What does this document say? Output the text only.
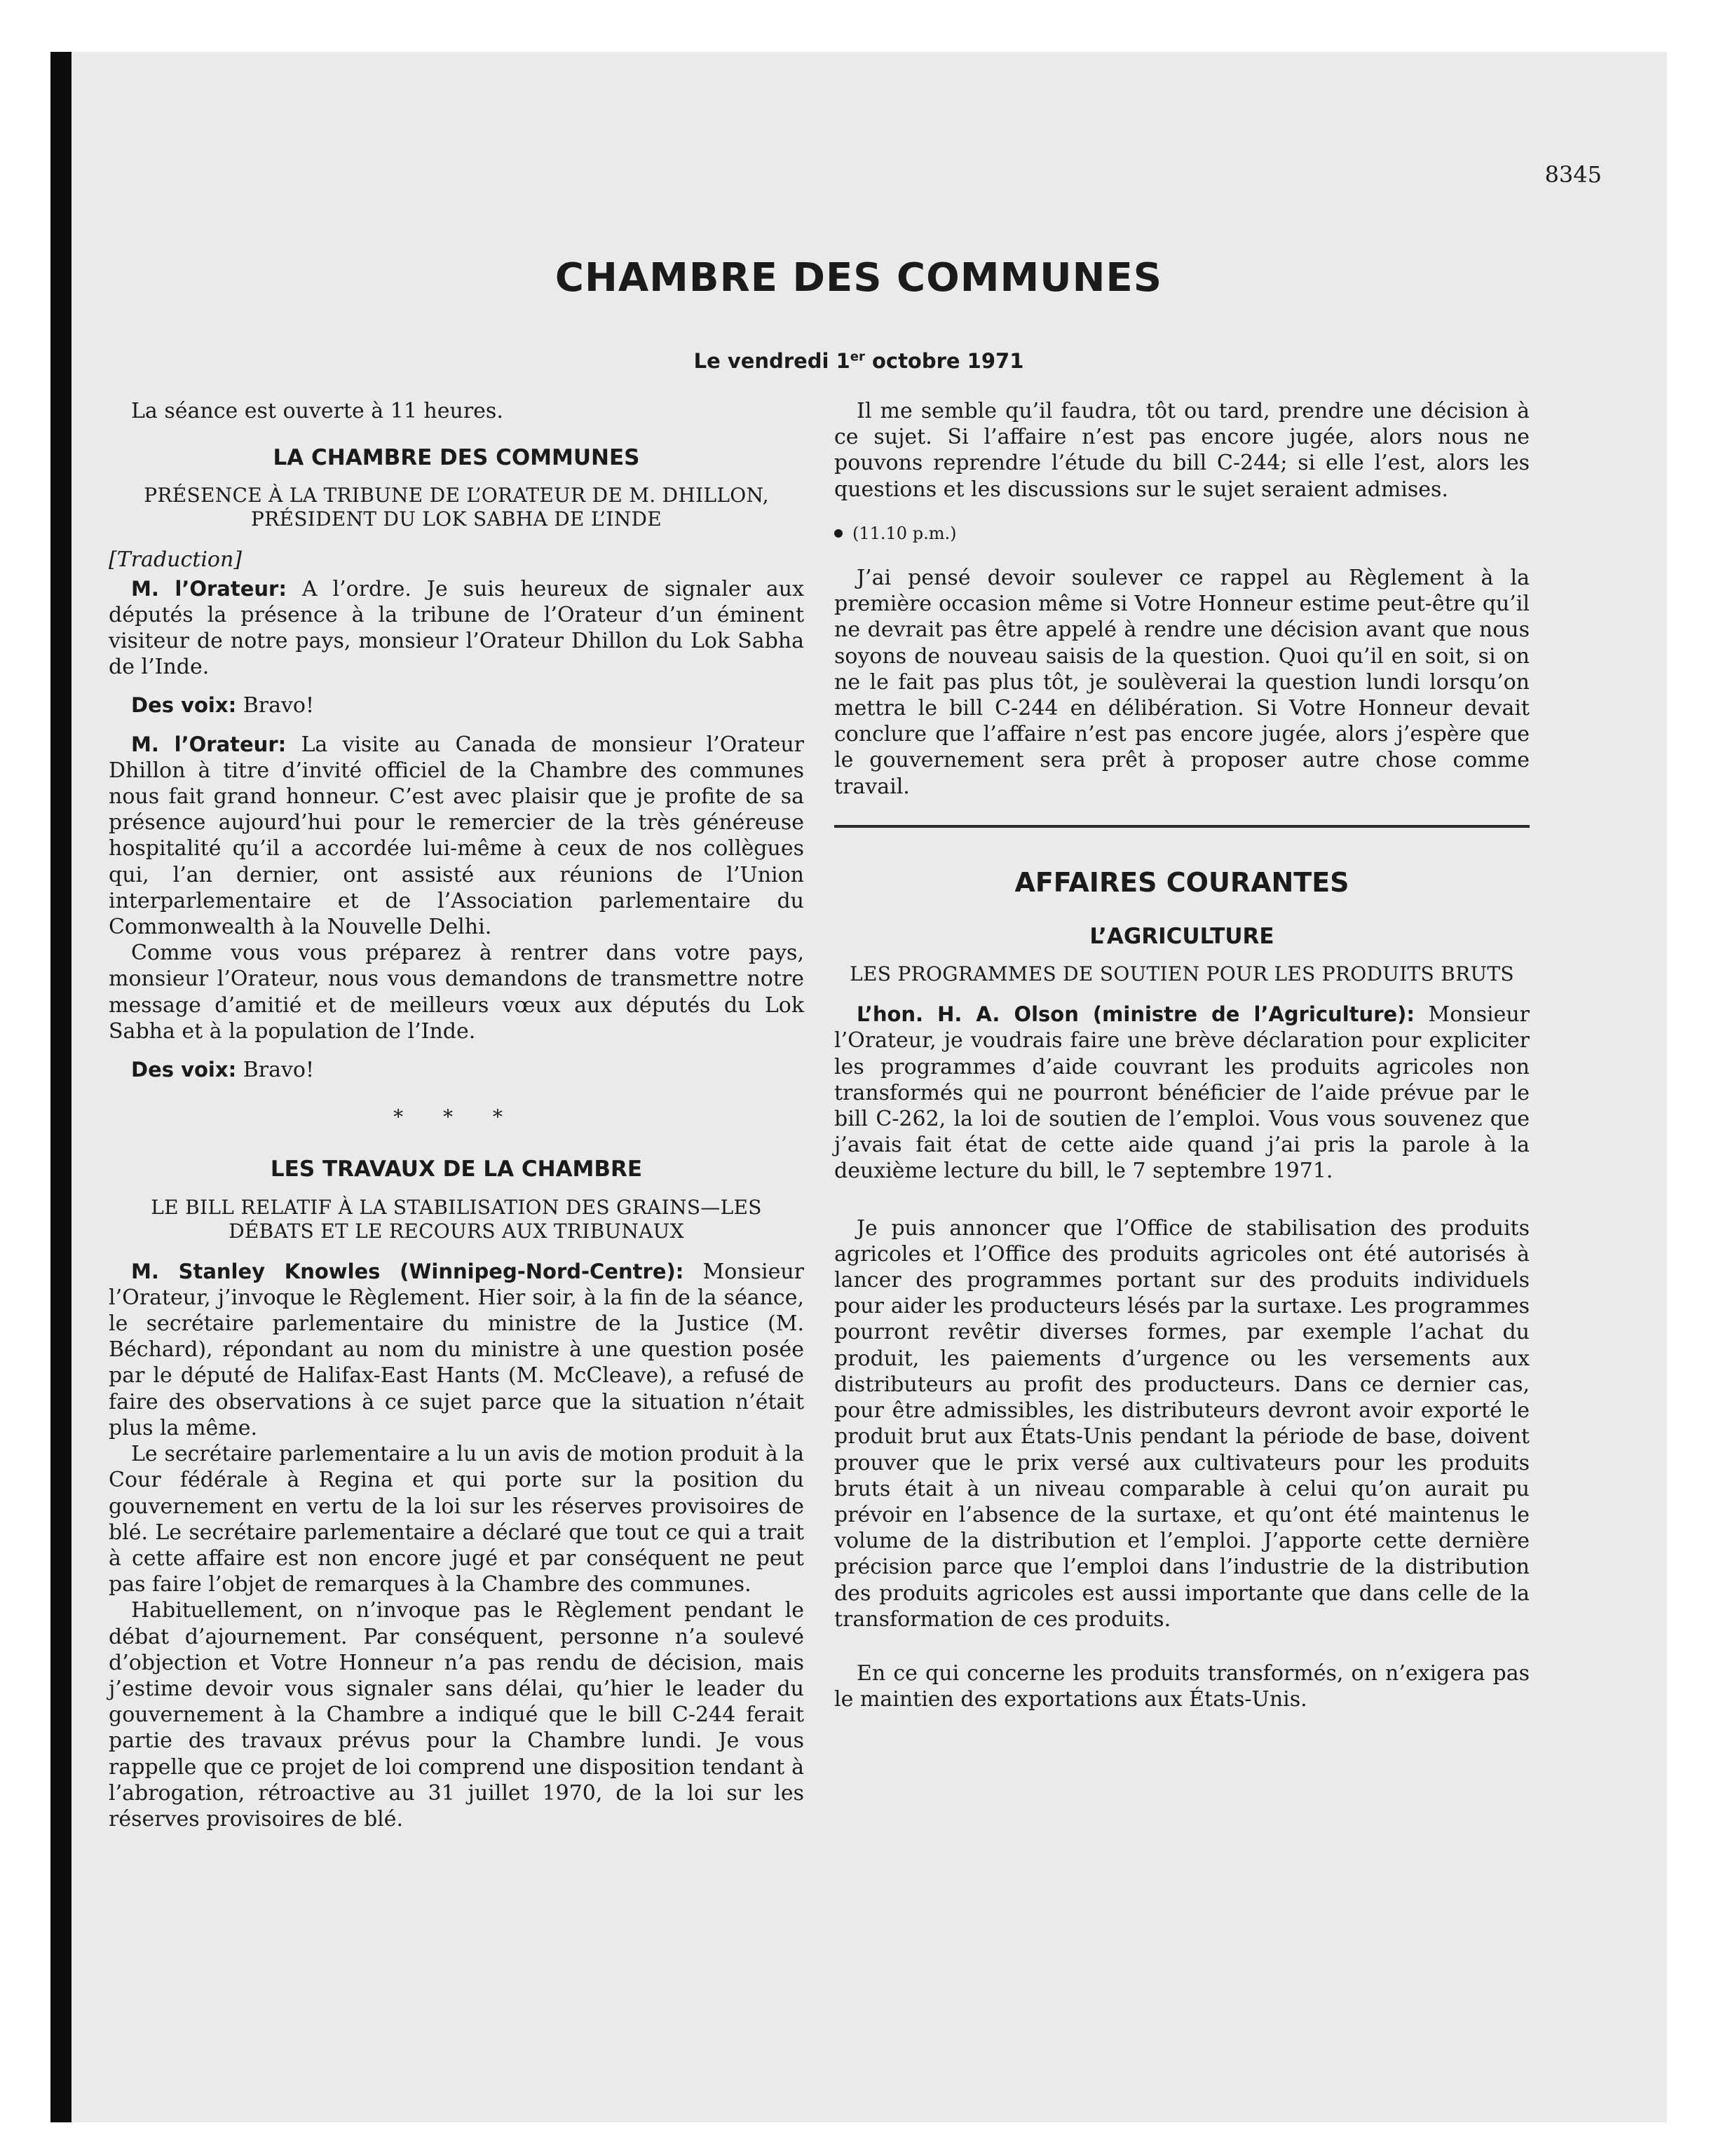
8345
CHAMBRE DES COMMUNES
Le vendredi 1er octobre 1971

La séance est ouverte à 11 heures.

LA CHAMBRE DES COMMUNES
PRÉSENCE À LA TRIBUNE DE L’ORATEUR DE M. DHILLON, PRÉSIDENT DU LOK SABHA DE L’INDE
[Traduction]

M. l’Orateur: A l’ordre. Je suis heureux de signaler aux députés la présence à la tribune de l’Orateur d’un éminent visiteur de notre pays, monsieur l’Orateur Dhillon du Lok Sabha de l’Inde.

Des voix: Bravo!

M. l’Orateur: La visite au Canada de monsieur l’Orateur Dhillon à titre d’invité officiel de la Chambre des communes nous fait grand honneur. C’est avec plaisir que je profite de sa présence aujourd’hui pour le remercier de la très généreuse hospitalité qu’il a accordée lui-même à ceux de nos collègues qui, l’an dernier, ont assisté aux réunions de l’Union interparlementaire et de l’Association parlementaire du Commonwealth à la Nouvelle Delhi.

Comme vous vous préparez à rentrer dans votre pays, monsieur l’Orateur, nous vous demandons de transmettre notre message d’amitié et de meilleurs vœux aux députés du Lok Sabha et à la population de l’Inde.

Des voix: Bravo!

* * *
LES TRAVAUX DE LA CHAMBRE
LE BILL RELATIF À LA STABILISATION DES GRAINS—LES DÉBATS ET LE RECOURS AUX TRIBUNAUX

M. Stanley Knowles (Winnipeg-Nord-Centre): Monsieur l’Orateur, j’invoque le Règlement. Hier soir, à la fin de la séance, le secrétaire parlementaire du ministre de la Justice (M. Béchard), répondant au nom du ministre à une question posée par le député de Halifax-East Hants (M. McCleave), a refusé de faire des observations à ce sujet parce que la situation n’était plus la même.

Le secrétaire parlementaire a lu un avis de motion produit à la Cour fédérale à Regina et qui porte sur la position du gouvernement en vertu de la loi sur les réserves provisoires de blé. Le secrétaire parlementaire a déclaré que tout ce qui a trait à cette affaire est non encore jugé et par conséquent ne peut pas faire l’objet de remarques à la Chambre des communes.

Habituellement, on n’invoque pas le Règlement pendant le débat d’ajournement. Par conséquent, personne n’a soulevé d’objection et Votre Honneur n’a pas rendu de décision, mais j’estime devoir vous signaler sans délai, qu’hier le leader du gouvernement à la Chambre a indiqué que le bill C-244 ferait partie des travaux prévus pour la Chambre lundi. Je vous rappelle que ce projet de loi comprend une disposition tendant à l’abrogation, rétroactive au 31 juillet 1970, de la loi sur les réserves provisoires de blé.

Il me semble qu’il faudra, tôt ou tard, prendre une décision à ce sujet. Si l’affaire n’est pas encore jugée, alors nous ne pouvons reprendre l’étude du bill C-244; si elle l’est, alors les questions et les discussions sur le sujet seraient admises.

(11.10 p.m.)

J’ai pensé devoir soulever ce rappel au Règlement à la première occasion même si Votre Honneur estime peut-être qu’il ne devrait pas être appelé à rendre une décision avant que nous soyons de nouveau saisis de la question. Quoi qu’il en soit, si on ne le fait pas plus tôt, je soulèverai la question lundi lorsqu’on mettra le bill C-244 en délibération. Si Votre Honneur devait conclure que l’affaire n’est pas encore jugée, alors j’espère que le gouvernement sera prêt à proposer autre chose comme travail.

AFFAIRES COURANTES
L’AGRICULTURE
LES PROGRAMMES DE SOUTIEN POUR LES PRODUITS BRUTS

L’hon. H. A. Olson (ministre de l’Agriculture): Monsieur l’Orateur, je voudrais faire une brève déclaration pour expliciter les programmes d’aide couvrant les produits agricoles non transformés qui ne pourront bénéficier de l’aide prévue par le bill C-262, la loi de soutien de l’emploi. Vous vous souvenez que j’avais fait état de cette aide quand j’ai pris la parole à la deuxième lecture du bill, le 7 septembre 1971.

Je puis annoncer que l’Office de stabilisation des produits agricoles et l’Office des produits agricoles ont été autorisés à lancer des programmes portant sur des produits individuels pour aider les producteurs lésés par la surtaxe. Les programmes pourront revêtir diverses formes, par exemple l’achat du produit, les paiements d’urgence ou les versements aux distributeurs au profit des producteurs. Dans ce dernier cas, pour être admissibles, les distributeurs devront avoir exporté le produit brut aux États-Unis pendant la période de base, doivent prouver que le prix versé aux cultivateurs pour les produits bruts était à un niveau comparable à celui qu’on aurait pu prévoir en l’absence de la surtaxe, et qu’ont été maintenus le volume de la distribution et l’emploi. J’apporte cette dernière précision parce que l’emploi dans l’industrie de la distribution des produits agricoles est aussi importante que dans celle de la transformation de ces produits.

En ce qui concerne les produits transformés, on n’exigera pas le maintien des exportations aux États-Unis.
